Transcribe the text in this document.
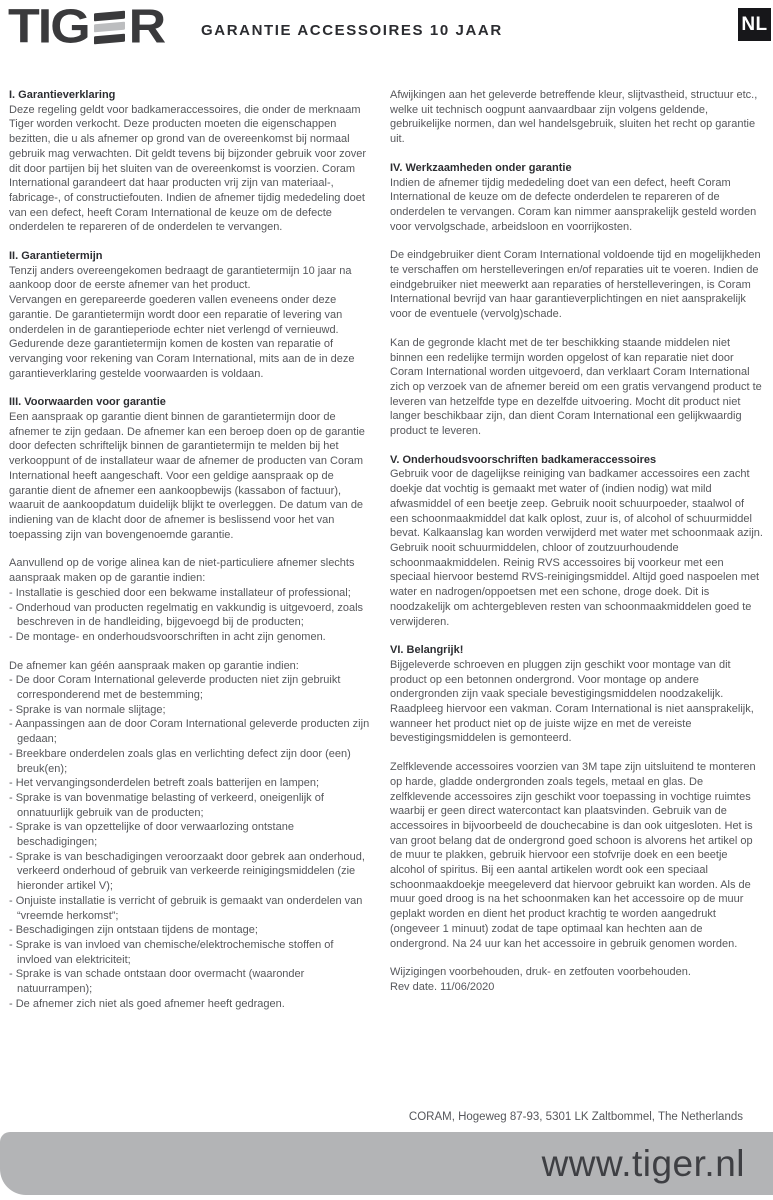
TIG R GARANTIE ACCESSOIRES 10 JAAR	NL
I. Garantieverklaring
Deze regeling geldt voor badkameraccessoires, die onder de merknaam Tiger worden verkocht. Deze producten moeten die eigenschappen bezitten, die u als afnemer op grond van de overeenkomst bij normaal gebruik mag verwachten. Dit geldt tevens bij bijzonder gebruik voor zover dit door partijen bij het sluiten van de overeenkomst is voorzien. Coram International garandeert dat haar producten vrij zijn van materiaal-, fabricage-, of constructiefouten. Indien de afnemer tijdig mededeling doet van een defect, heeft Coram International de keuze om de defecte onderdelen te repareren of de onderdelen te vervangen.
II. Garantietermijn
Tenzij anders overeengekomen bedraagt de garantietermijn 10 jaar na aankoop door de eerste afnemer van het product.
Vervangen en gerepareerde goederen vallen eveneens onder deze garantie. De garantietermijn wordt door een reparatie of levering van onderdelen in de garantieperiode echter niet verlengd of vernieuwd.
Gedurende deze garantietermijn komen de kosten van reparatie of vervanging voor rekening van Coram International, mits aan de in deze garantieverklaring gestelde voorwaarden is voldaan.
III. Voorwaarden voor garantie
Een aanspraak op garantie dient binnen de garantietermijn door de afnemer te zijn gedaan. De afnemer kan een beroep doen op de garantie door defecten schriftelijk binnen de garantietermijn te melden bij het verkooppunt of de installateur waar de afnemer de producten van Coram International heeft aangeschaft. Voor een geldige aanspraak op de garantie dient de afnemer een aankoopbewijs (kassabon of factuur), waaruit de aankoopdatum duidelijk blijkt te overleggen. De datum van de indiening van de klacht door de afnemer is beslissend voor het van toepassing zijn van bovengenoemde garantie.
Aanvullend op de vorige alinea kan de niet-particuliere afnemer slechts aanspraak maken op de garantie indien:
- Installatie is geschied door een bekwame installateur of professional;
- Onderhoud van producten regelmatig en vakkundig is uitgevoerd, zoals beschreven in de handleiding, bijgevoegd bij de producten;
- De montage- en onderhoudsvoorschriften in acht zijn genomen.
De afnemer kan géén aanspraak maken op garantie indien:
- De door Coram International geleverde producten niet zijn gebruikt corresponderend met de bestemming;
- Sprake is van normale slijtage;
- Aanpassingen aan de door Coram International geleverde producten zijn gedaan;
- Breekbare onderdelen zoals glas en verlichting defect zijn door (een) breuk(en);
- Het vervangingsonderdelen betreft zoals batterijen en lampen;
- Sprake is van bovenmatige belasting of verkeerd, oneigenlijk of onnatuurlijk gebruik van de producten;
- Sprake is van opzettelijke of door verwaarlozing ontstane beschadigingen;
- Sprake is van beschadigingen veroorzaakt door gebrek aan onderhoud, verkeerd onderhoud of gebruik van verkeerde reinigingsmiddelen (zie hieronder artikel V);
- Onjuiste installatie is verricht of gebruik is gemaakt van onderdelen van “vreemde herkomst”;
- Beschadigingen zijn ontstaan tijdens de montage;
- Sprake is van invloed van chemische/elektrochemische stoffen of invloed van elektriciteit;
- Sprake is van schade ontstaan door overmacht (waaronder natuurrampen);
- De afnemer zich niet als goed afnemer heeft gedragen.
Afwijkingen aan het geleverde betreffende kleur, slijtvastheid, structuur etc., welke uit technisch oogpunt aanvaardbaar zijn volgens geldende, gebruikelijke normen, dan wel handelsgebruik, sluiten het recht op garantie uit.
IV. Werkzaamheden onder garantie
Indien de afnemer tijdig mededeling doet van een defect, heeft Coram International de keuze om de defecte onderdelen te repareren of de onderdelen te vervangen. Coram kan nimmer aansprakelijk gesteld worden voor vervolgschade, arbeidsloon en voorrijkosten.
De eindgebruiker dient Coram International voldoende tijd en mogelijkheden te verschaffen om herstelleveringen en/of reparaties uit te voeren. Indien de eindgebruiker niet meewerkt aan reparaties of herstelleveringen, is Coram International bevrijd van haar garantieverplichtingen en niet aansprakelijk voor de eventuele (vervolg)schade.
Kan de gegronde klacht met de ter beschikking staande middelen niet binnen een redelijke termijn worden opgelost of kan reparatie niet door Coram International worden uitgevoerd, dan verklaart Coram International zich op verzoek van de afnemer bereid om een gratis vervangend product te leveren van hetzelfde type en dezelfde uitvoering. Mocht dit product niet langer beschikbaar zijn, dan dient Coram International een gelijkwaardig product te leveren.
V. Onderhoudsvoorschriften badkameraccessoires
Gebruik voor de dagelijkse reiniging van badkamer accessoires een zacht doekje dat vochtig is gemaakt met water of (indien nodig) wat mild afwasmiddel of een beetje zeep. Gebruik nooit schuurpoeder, staalwol of een schoonmaakmiddel dat kalk oplost, zuur is, of alcohol of schuurmiddel bevat. Kalkaanslag kan worden verwijderd met water met schoonmaak azijn. Gebruik nooit schuurmiddelen, chloor of zoutzuurhoudende schoonmaakmiddelen. Reinig RVS accessoires bij voorkeur met een speciaal hiervoor bestemd RVS-reinigingsmiddel. Altijd goed naspoelen met water en nadrogen/oppoetsen met een schone, droge doek. Dit is noodzakelijk om achtergebleven resten van schoonmaakmiddelen goed te verwijderen.
VI. Belangrijk!
Bijgeleverde schroeven en pluggen zijn geschikt voor montage van dit product op een betonnen ondergrond. Voor montage op andere ondergronden zijn vaak speciale bevestigingsmiddelen noodzakelijk. Raadpleeg hiervoor een vakman. Coram International is niet aansprakelijk, wanneer het product niet op de juiste wijze en met de vereiste bevestigingsmiddelen is gemonteerd.
Zelfklevende accessoires voorzien van 3M tape zijn uitsluitend te monteren op harde, gladde ondergronden zoals tegels, metaal en glas. De zelfklevende accessoires zijn geschikt voor toepassing in vochtige ruimtes waarbij er geen direct watercontact kan plaatsvinden. Gebruik van de accessoires in bijvoorbeeld de douchecabine is dan ook uitgesloten. Het is van groot belang dat de ondergrond goed schoon is alvorens het artikel op de muur te plakken, gebruik hiervoor een stofvrije doek en een beetje alcohol of spiritus. Bij een aantal artikelen wordt ook een speciaal schoonmaakdoekje meegeleverd dat hiervoor gebruikt kan worden. Als de muur goed droog is na het schoonmaken kan het accessoire op de muur geplakt worden en dient het product krachtig te worden aangedrukt (ongeveer 1 minuut) zodat de tape optimaal kan hechten aan de ondergrond. Na 24 uur kan het accessoire in gebruik genomen worden.
Wijzigingen voorbehouden, druk- en zetfouten voorbehouden.
Rev date. 11/06/2020
CORAM, Hogeweg 87-93, 5301 LK Zaltbommel, The Netherlands
www.tiger.nl
